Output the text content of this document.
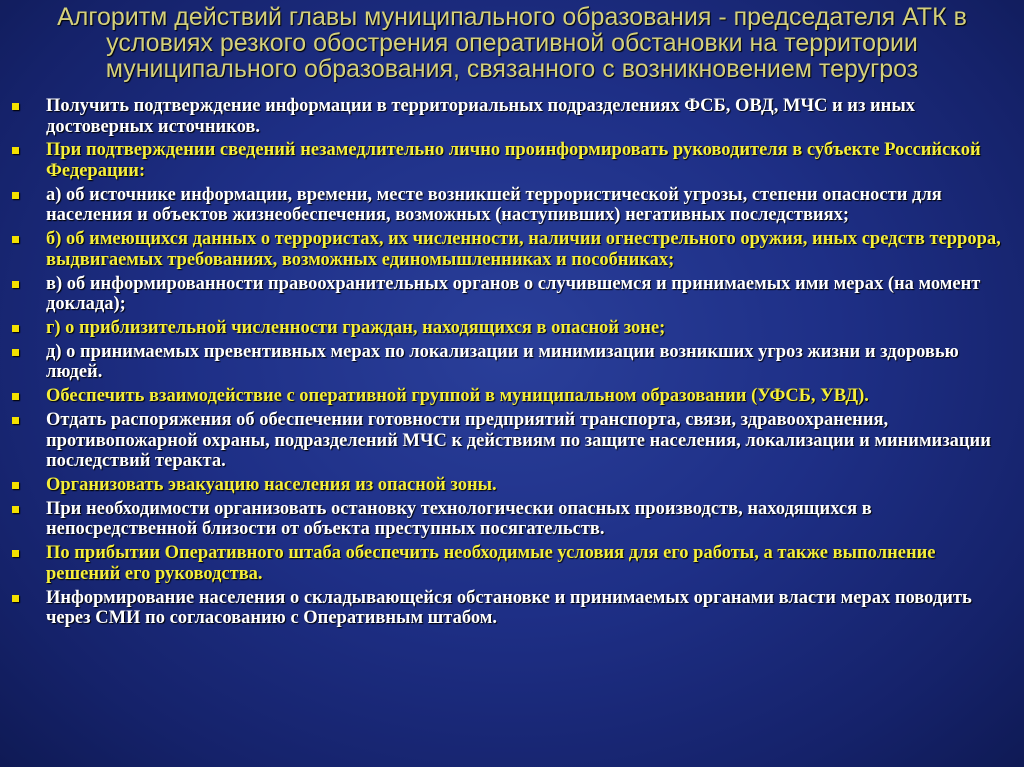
Алгоритм действий главы муниципального образования - председателя АТК в условиях резкого обострения оперативной обстановки на территории муниципального образования, связанного с возникновением теругроз
Получить подтверждение информации в территориальных подразделениях ФСБ, ОВД, МЧС и из иных достоверных источников.
При подтверждении сведений незамедлительно лично проинформировать руководителя в субъекте Российской Федерации:
а) об источнике информации, времени, месте возникшей террористической угрозы, степени опасности для населения и объектов жизнеобеспечения, возможных (наступивших) негативных последствиях;
б) об имеющихся данных о террористах, их численности, наличии огнестрельного оружия, иных средств террора, выдвигаемых требованиях, возможных единомышленниках и пособниках;
в) об информированности правоохранительных органов о случившемся и принимаемых ими мерах (на момент доклада);
г) о приблизительной численности граждан, находящихся в опасной зоне;
д) о принимаемых превентивных мерах по локализации и минимизации возникших угроз жизни и здоровью людей.
Обеспечить взаимодействие с оперативной группой в муниципальном образовании (УФСБ, УВД).
Отдать распоряжения об обеспечении готовности предприятий транспорта, связи, здравоохранения, противопожарной охраны, подразделений МЧС к действиям по защите населения, локализации и минимизации последствий теракта.
Организовать эвакуацию населения из опасной зоны.
При необходимости организовать остановку технологически опасных производств, находящихся в непосредственной близости от объекта преступных посягательств.
По прибытии Оперативного штаба обеспечить необходимые условия для его работы, а также выполнение решений его руководства.
Информирование населения о складывающейся обстановке и принимаемых органами власти мерах поводить через СМИ по согласованию с Оперативным штабом.
